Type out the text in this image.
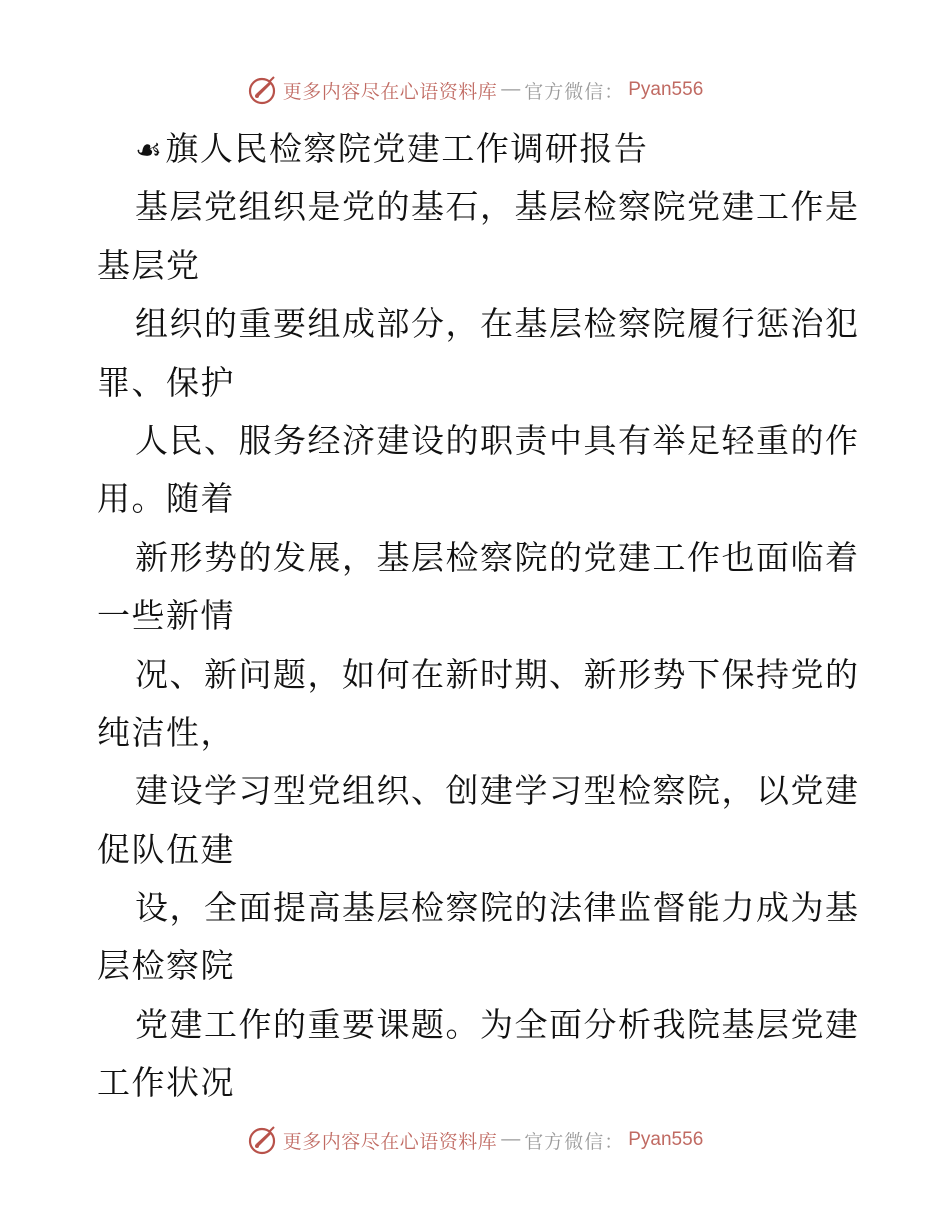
更多内容尽在心语资料库 — 官方微信： Pyan556
☙旗人民检察院党建工作调研报告
基层党组织是党的基石，基层检察院党建工作是
基层党
组织的重要组成部分，在基层检察院履行惩治犯
罪、保护
人民、服务经济建设的职责中具有举足轻重的作
用。随着
新形势的发展，基层检察院的党建工作也面临着
一些新情
况、新问题，如何在新时期、新形势下保持党的
纯洁性，
建设学习型党组织、创建学习型检察院，以党建
促队伍建
设，全面提高基层检察院的法律监督能力成为基
层检察院
党建工作的重要课题。为全面分析我院基层党建
工作状况
更多内容尽在心语资料库 — 官方微信： Pyan556
